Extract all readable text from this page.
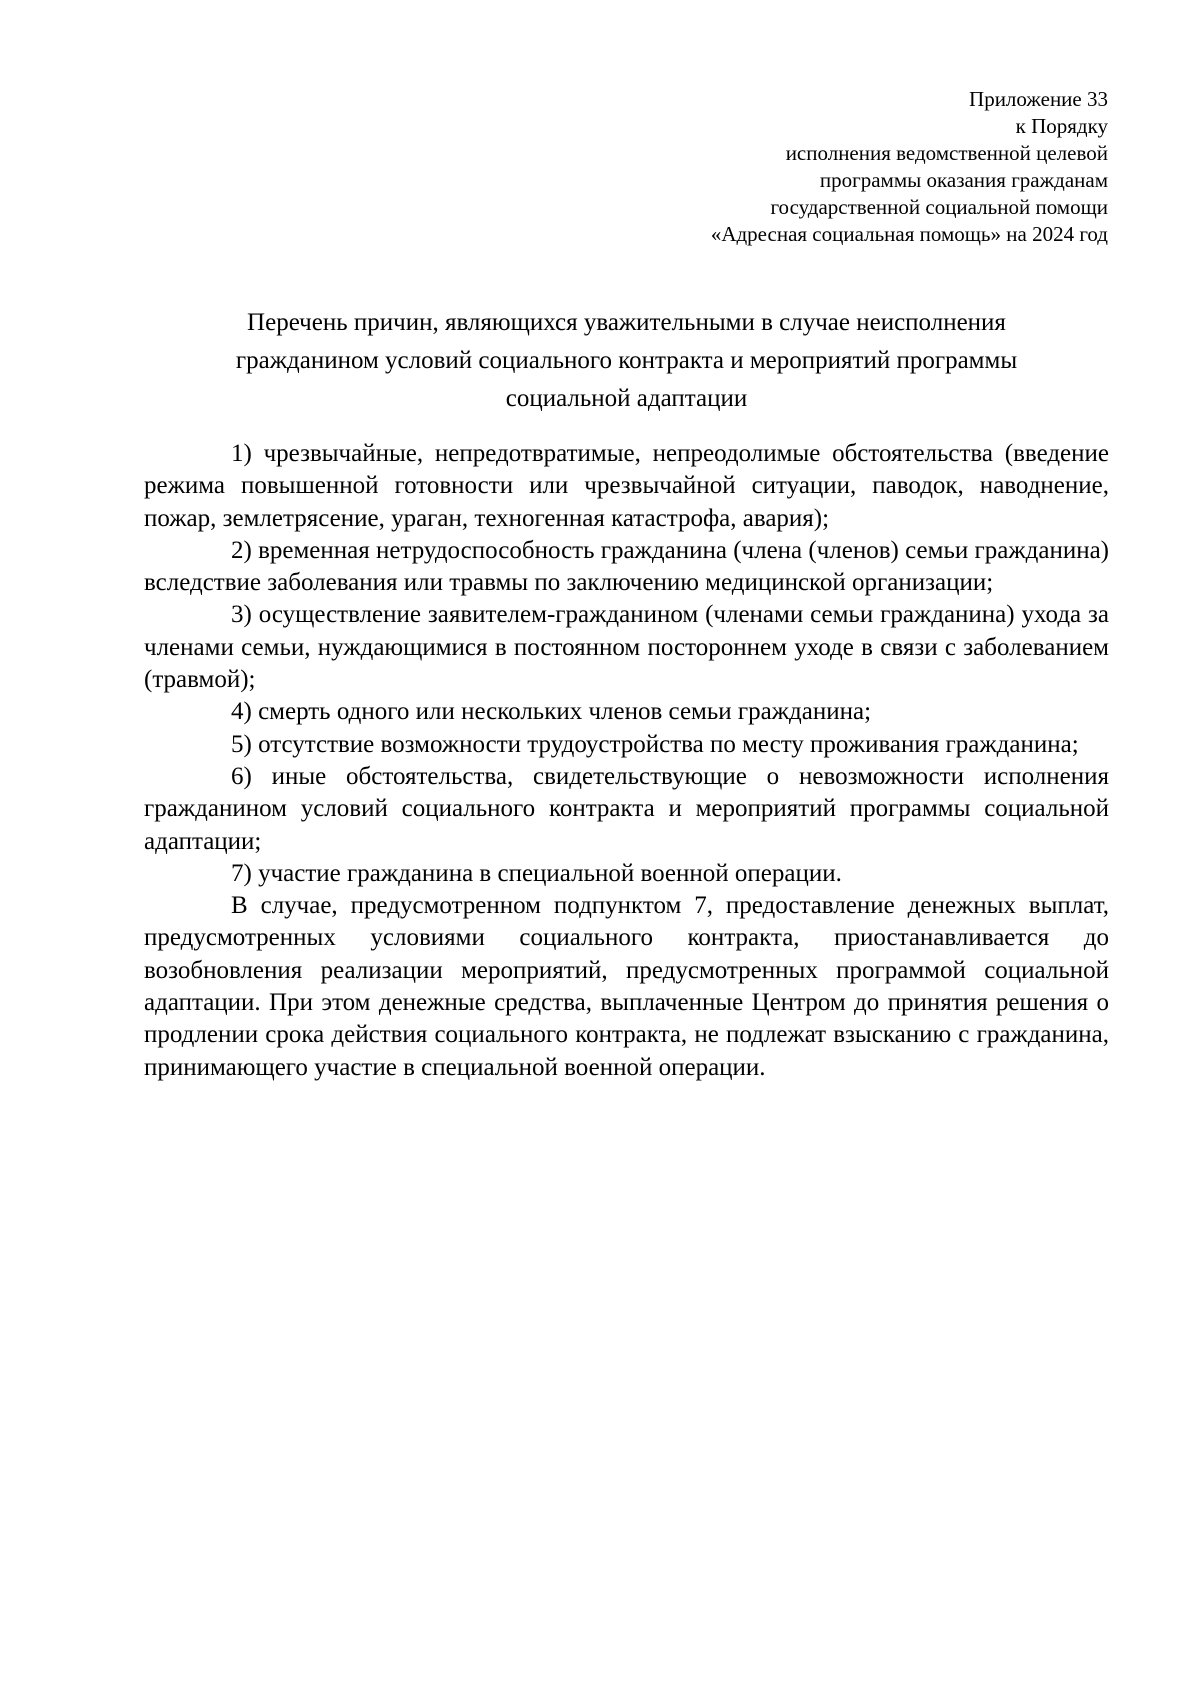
Приложение 33
к Порядку
исполнения ведомственной целевой
программы оказания гражданам
государственной социальной помощи
«Адресная социальная помощь» на 2024 год
Перечень причин, являющихся уважительными в случае неисполнения
гражданином условий социального контракта и мероприятий программы
социальной адаптации

1) чрезвычайные, непредотвратимые, непреодолимые обстоятельства (введение режима повышенной готовности или чрезвычайной ситуации, паводок, наводнение, пожар, землетрясение, ураган, техногенная катастрофа, авария);

2) временная нетрудоспособность гражданина (члена (членов) семьи гражданина) вследствие заболевания или травмы по заключению медицинской организации;

3) осуществление заявителем-гражданином (членами семьи гражданина) ухода за членами семьи, нуждающимися в постоянном постороннем уходе в связи с заболеванием (травмой);

4) смерть одного или нескольких членов семьи гражданина;

5) отсутствие возможности трудоустройства по месту проживания гражданина;

6) иные обстоятельства, свидетельствующие о невозможности исполнения гражданином условий социального контракта и мероприятий программы социальной адаптации;

7) участие гражданина в специальной военной операции.

В случае, предусмотренном подпунктом 7, предоставление денежных выплат, предусмотренных условиями социального контракта, приостанавливается до возобновления реализации мероприятий, предусмотренных программой социальной адаптации. При этом денежные средства, выплаченные Центром до принятия решения о продлении срока действия социального контракта, не подлежат взысканию с гражданина, принимающего участие в специальной военной операции.
